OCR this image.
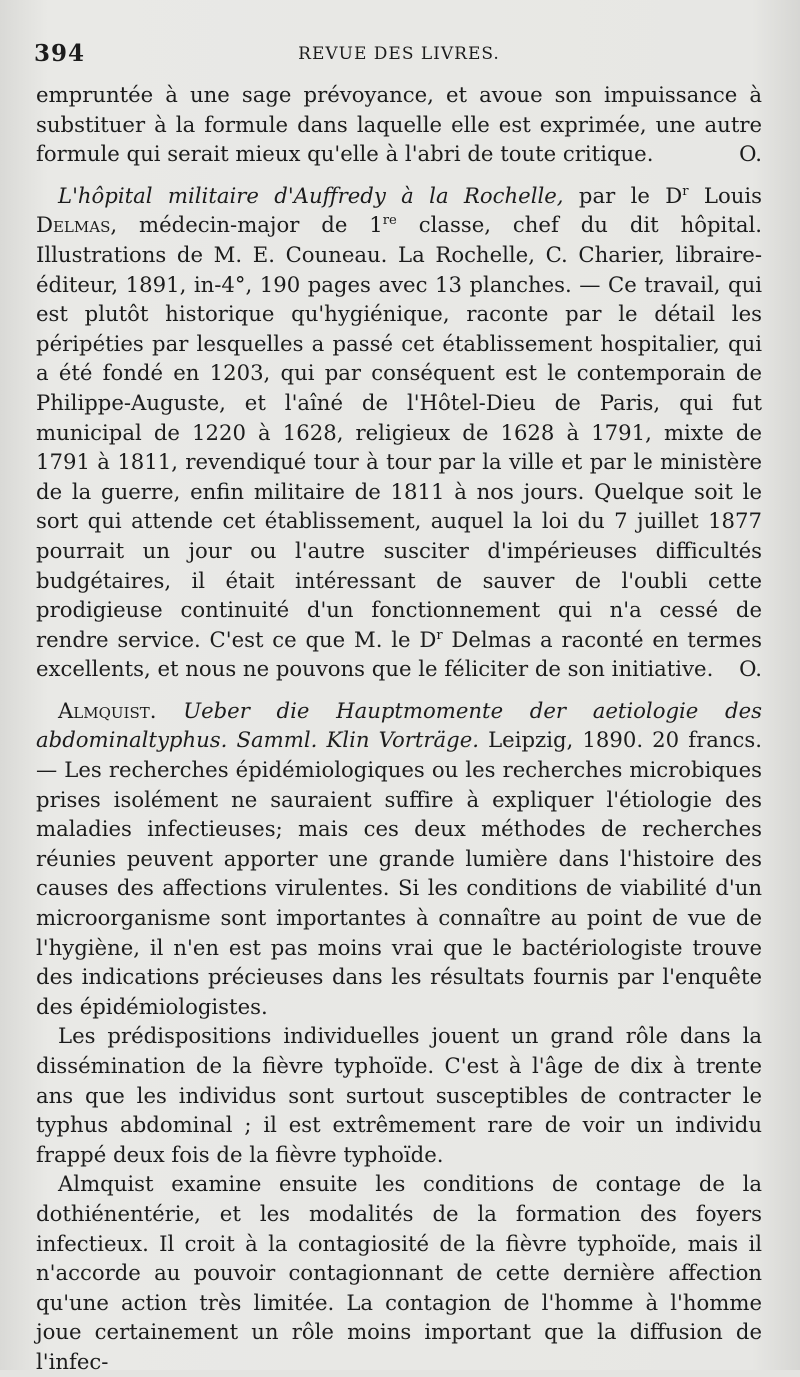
394	REVUE DES LIVRES.

empruntée à une sage prévoyance, et avoue son impuissance à substituer à la formule dans laquelle elle est exprimée, une autre formule qui serait mieux qu'elle à l'abri de toute critique.	O.

L'hôpital militaire d'Auffredy à la Rochelle, par le $D^r$ Louis Delmas, médecin-major de 1re classe, chef du dit hôpital. Illustrations de M. E. Couneau. La Rochelle, C. Charier, libraire-éditeur, 1891, in-4°, 190 pages avec 13 planches. — Ce travail, qui est plutôt historique qu'hygiénique, raconte par le détail les péripéties par lesquelles a passé cet établissement hospitalier, qui a été fondé en 1203, qui par conséquent est le contemporain de Philippe-Auguste, et l'aîné de l'Hôtel-Dieu de Paris, qui fut municipal de 1220 à 1628, religieux de 1628 à 1791, mixte de 1791 à 1811, revendiqué tour à tour par la ville et par le ministère de la guerre, enfin militaire de 1811 à nos jours. Quelque soit le sort qui attende cet établissement, auquel la loi du 7 juillet 1877 pourrait un jour ou l'autre susciter d'impérieuses difficultés budgétaires, il était intéressant de sauver de l'oubli cette prodigieuse continuité d'un fonctionnement qui n'a cessé de rendre service. C'est ce que M. le $D^r$ Delmas a raconté en termes excellents, et nous ne pouvons que le féliciter de son initiative.	O.

Almquist. Ueber die Hauptmomente der aetiologie des abdominaltyphus. Samml. Klin Vorträge. Leipzig, 1890. 20 francs. — Les recherches épidémiologiques ou les recherches microbiques prises isolément ne sauraient suffire à expliquer l'étiologie des maladies infectieuses; mais ces deux méthodes de recherches réunies peuvent apporter une grande lumière dans l'histoire des causes des affections virulentes. Si les conditions de viabilité d'un microorganisme sont importantes à connaître au point de vue de l'hygiène, il n'en est pas moins vrai que le bactériologiste trouve des indications précieuses dans les résultats fournis par l'enquête des épidémiologistes.

Les prédispositions individuelles jouent un grand rôle dans la dissémination de la fièvre typhoïde. C'est à l'âge de dix à trente ans que les individus sont surtout susceptibles de contracter le typhus abdominal ; il est extrêmement rare de voir un individu frappé deux fois de la fièvre typhoïde.

Almquist examine ensuite les conditions de contage de la dothiénentérie, et les modalités de la formation des foyers infectieux. Il croit à la contagiosité de la fièvre typhoïde, mais il n'accorde au pouvoir contagionnant de cette dernière affection qu'une action très limitée. La contagion de l'homme à l'homme joue certainement un rôle moins important que la diffusion de l'infec-
